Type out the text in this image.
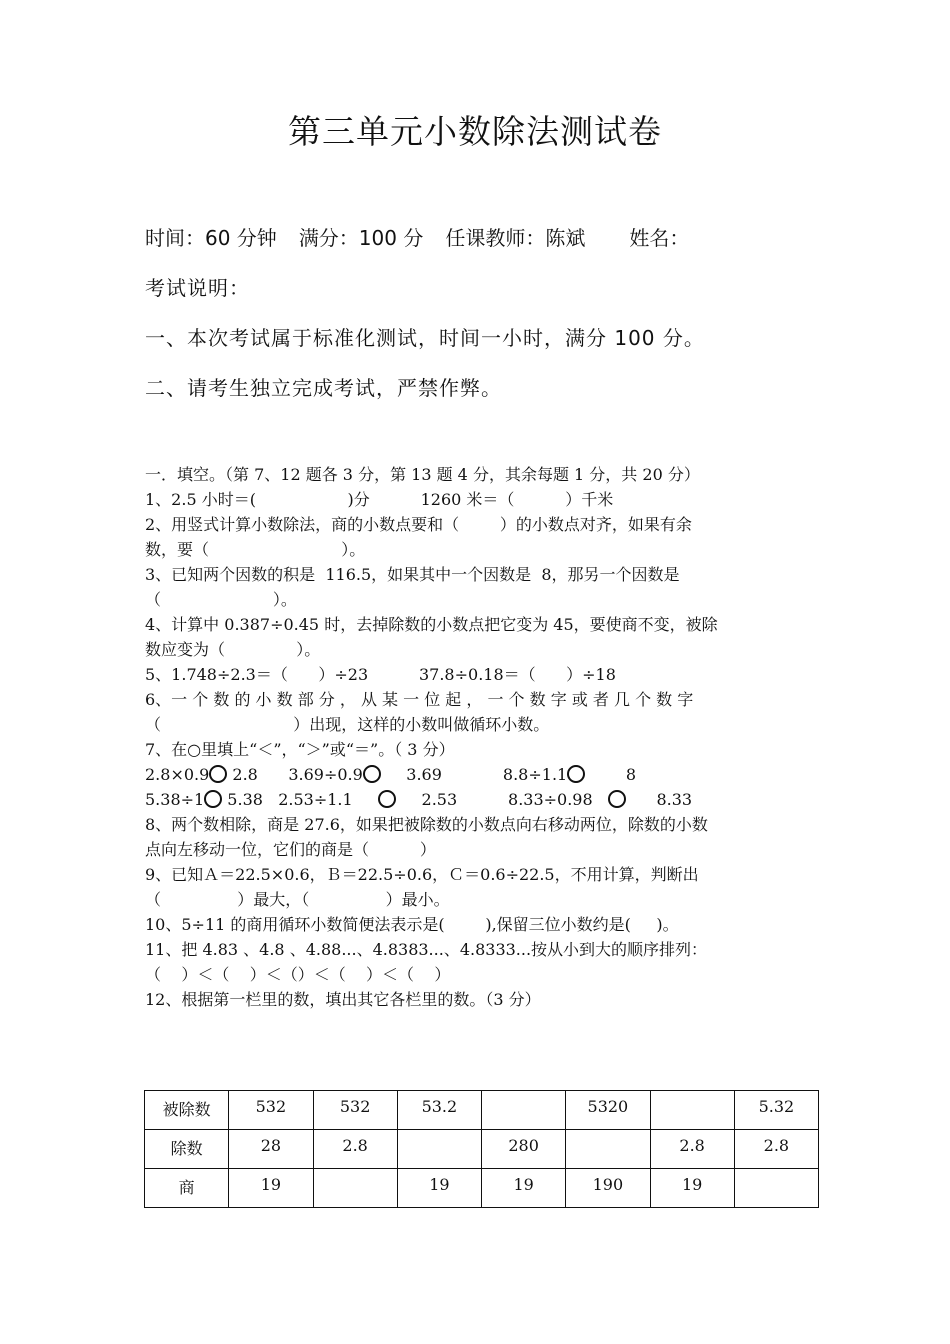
第三单元小数除法测试卷
时间：60 分钟 满分：100 分 任课教师：陈斌 姓名：
考试说明：
一、本次考试属于标准化测试，时间一小时，满分 100 分。
二、请考生独立完成考试，严禁作弊。
一．填空。（第 7、12 题各 3 分，第 13 题 4 分，其余每题 1 分，共 20 分）
1、2.5 小时＝(                  )分          1260 米＝（          ）千米
2、用竖式计算小数除法，商的小数点要和（        ）的小数点对齐，如果有余
数，要（                          ）。
3、已知两个因数的积是  116.5，如果其中一个因数是  8，那另一个因数是
（                      ）。
4、计算中 0.387÷0.45 时，去掉除数的小数点把它变为 45，要使商不变，被除
数应变为（              ）。
5、1.748÷2.3＝（      ）÷23          37.8÷0.18＝（      ）÷18
6、一 个 数 的 小 数 部 分 ， 从 某 一 位 起 ， 一 个 数 字 或 者 几 个 数 字
（                          ）出现，这样的小数叫做循环小数。
7、在○里填上“＜”，“＞”或“＝”。（ 3 分）
2.8×0.9 2.8      3.69÷0.9     3.69            8.8÷1.1        8
5.38÷1 5.38   2.53÷1.1          2.53          8.33÷0.98         8.33
8、两个数相除，商是 27.6，如果把被除数的小数点向右移动两位，除数的小数
点向左移动一位，它们的商是（          ）
9、已知Ａ＝22.5×0.6，Ｂ＝22.5÷0.6，Ｃ＝0.6÷22.5，不用计算，判断出
（               ）最大，（               ）最小。
10、5÷11 的商用循环小数简便法表示是(        ),保留三位小数约是(     )。
11、把 4.83 、4.8 、4.88...、4.8383...、4.8333...按从小到大的顺序排列：
（    ）＜（    ）＜（）＜（    ）＜（    ）
12、根据第一栏里的数，填出其它各栏里的数。（3 分）
被除数	532	532	53.2		5320		5.32
除数	28	2.8		280		2.8	2.8
商	19		19	19	190	19	
